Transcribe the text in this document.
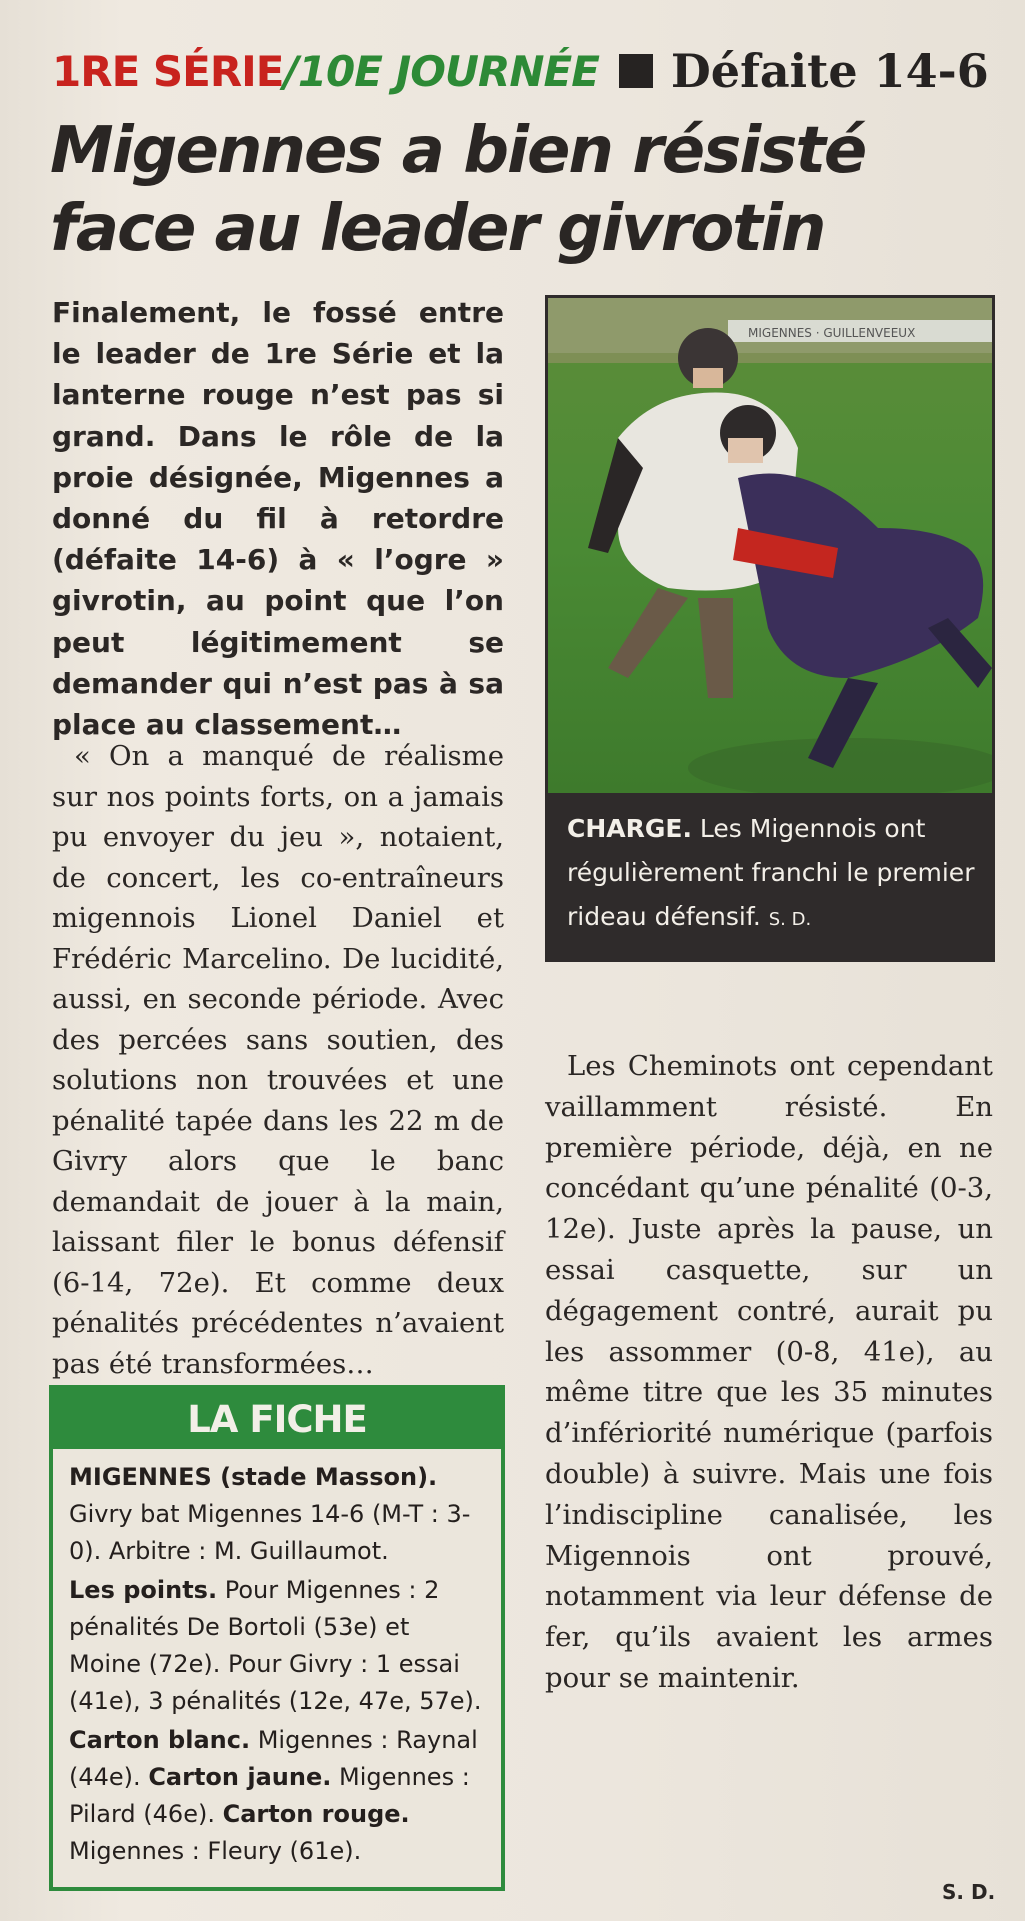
1RE SÉRIE /10E JOURNÉE Défaite 14-6
Migennes a bien résisté
face au leader givrotin

Finalement, le fossé entre le leader de 1re Série et la lanterne rouge n’est pas si grand. Dans le rôle de la proie désignée, Migennes a donné du fil à retordre (défaite 14-6) à « l’ogre » givrotin, au point que l’on peut légitimement se demander qui n’est pas à sa place au classement…

« On a manqué de réalisme sur nos points forts, on a jamais pu envoyer du jeu », notaient, de concert, les co-entraîneurs migennois Lionel Daniel et Frédéric Marcelino. De lucidité, aussi, en seconde période. Avec des percées sans soutien, des solutions non trouvées et une pénalité tapée dans les 22 m de Givry alors que le banc demandait de jouer à la main, laissant filer le bonus défensif (6-14, 72e). Et comme deux pénalités précédentes n’avaient pas été transformées…

MIGENNES · GUILLENVEEUX
CHARGE. Les Migennois ont régulièrement franchi le premier rideau défensif. S. D.

Les Cheminots ont cependant vaillamment résisté. En première période, déjà, en ne concédant qu’une pénalité (0-3, 12e). Juste après la pause, un essai casquette, sur un dégagement contré, aurait pu les assommer (0-8, 41e), au même titre que les 35 minutes d’infériorité numérique (parfois double) à suivre. Mais une fois l’indiscipline canalisée, les Migennois ont prouvé, notamment via leur défense de fer, qu’ils avaient les armes pour se maintenir.

LA FICHE

MIGENNES (stade Masson). Givry bat Migennes 14-6 (M-T : 3-0). Arbitre : M. Guillaumot.

Les points. Pour Migennes : 2 pénalités De Bortoli (53e) et Moine (72e). Pour Givry : 1 essai (41e), 3 pénalités (12e, 47e, 57e).

Carton blanc. Migennes : Raynal (44e). Carton jaune. Migennes : Pilard (46e). Carton rouge. Migennes : Fleury (61e).

S. D.
